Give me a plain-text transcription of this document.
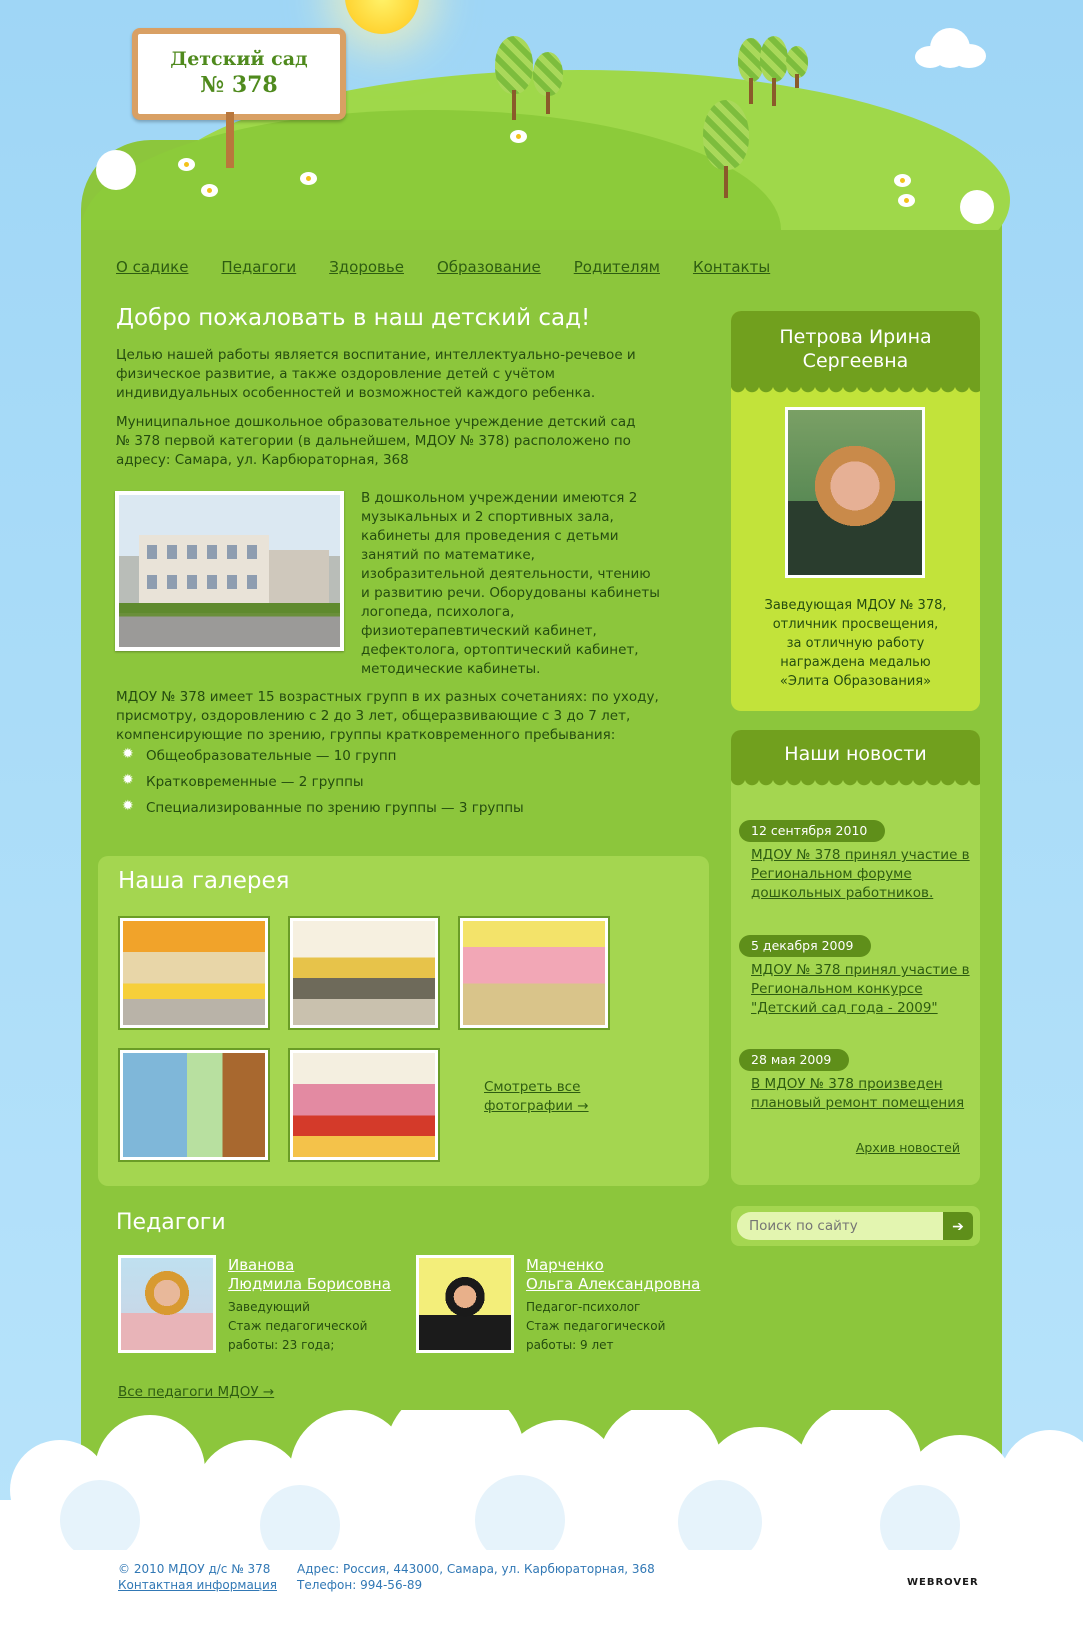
Детский сад
№ 378
О садике Педагоги Здоровье Образование Родителям Контакты
Добро пожаловать в наш детский сад!

Целью нашей работы является воспитание, интеллектуально-речевое и физическое развитие, а также оздоровление детей с учётом индивидуальных особенностей и возможностей каждого ребенка.

Муниципальное дошкольное образовательное учреждение детский сад № 378 первой категории (в дальнейшем, МДОУ № 378) расположено по адресу: Самара, ул. Карбюраторная, 368

В дошкольном учреждении имеются 2 музыкальных и 2 спортивных зала, кабинеты для проведения с детьми занятий по математике, изобразительной деятельности, чтению и развитию речи. Оборудованы кабинеты логопеда, психолога, физиотерапевтический кабинет, дефектолога, ортоптический кабинет, методические кабинеты.

МДОУ № 378 имеет 15 возрастных групп в их разных сочетаниях: по уходу, присмотру, оздоровлению с 2 до 3 лет, общеразвивающие с 3 до 7 лет, компенсирующие по зрению, группы кратковременного пребывания:

✹ Общеобразовательные — 10 групп
✹ Кратковременные — 2 группы
✹ Специализированные по зрению группы — 3 группы
Наша галерея
Смотреть все фотографии →
Педагоги
Иванова
Людмила Борисовна
Заведующий
Стаж педагогической
работы: 23 года;
Марченко
Ольга Александровна
Педагог-психолог
Стаж педагогической
работы: 9 лет
Все педагоги МДОУ →
Петрова Ирина Сергеевна
Заведующая МДОУ № 378,
отличник просвещения,
за отличную работу
награждена медалью
«Элита Образования»
Наши новости
12 сентября 2010
МДОУ № 378 принял участие в Региональном форуме дошкольных работников.
5 декабря 2009
МДОУ № 378 принял участие в Региональном конкурсе "Детский сад года - 2009"
28 мая 2009
В МДОУ № 378 произведен плановый ремонт помещения
Архив новостей
Поиск по сайту
➔
© 2010 МДОУ д/с № 378
Контактная информация
Адрес: Россия, 443000, Самара, ул. Карбюраторная, 368
Телефон: 994-56-89	WEBROVER
